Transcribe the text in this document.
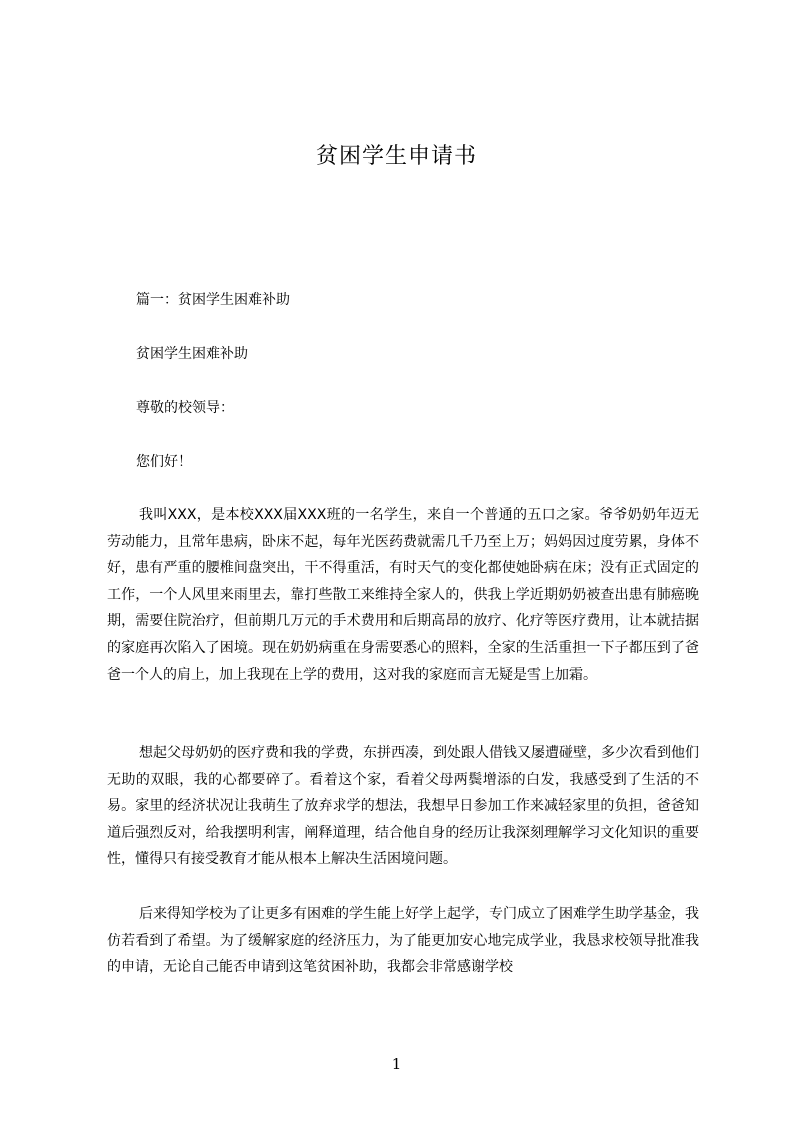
贫困学生申请书
篇一：贫困学生困难补助
贫困学生困难补助
尊敬的校领导：
您们好！

我叫XXX，是本校XXX届XXX班的一名学生，来自一个普通的五口之家。爷爷奶奶年迈无劳动能力，且常年患病，卧床不起，每年光医药费就需几千乃至上万；妈妈因过度劳累，身体不好，患有严重的腰椎间盘突出，干不得重活，有时天气的变化都使她卧病在床；没有正式固定的工作，一个人风里来雨里去，靠打些散工来维持全家人的，供我上学近期奶奶被查出患有肺癌晚期，需要住院治疗，但前期几万元的手术费用和后期高昂的放疗、化疗等医疗费用，让本就拮据的家庭再次陷入了困境。现在奶奶病重在身需要悉心的照料，全家的生活重担一下子都压到了爸爸一个人的肩上，加上我现在上学的费用，这对我的家庭而言无疑是雪上加霜。

想起父母奶奶的医疗费和我的学费，东拼西凑，到处跟人借钱又屡遭碰壁，多少次看到他们无助的双眼，我的心都要碎了。看着这个家，看着父母两鬓增添的白发，我感受到了生活的不易。家里的经济状况让我萌生了放弃求学的想法，我想早日参加工作来减轻家里的负担，爸爸知道后强烈反对，给我摆明利害，阐释道理，结合他自身的经历让我深刻理解学习文化知识的重要性，懂得只有接受教育才能从根本上解决生活困境问题。

后来得知学校为了让更多有困难的学生能上好学上起学，专门成立了困难学生助学基金，我仿若看到了希望。为了缓解家庭的经济压力，为了能更加安心地完成学业，我恳求校领导批准我的申请，无论自己能否申请到这笔贫困补助，我都会非常感谢学校

1
